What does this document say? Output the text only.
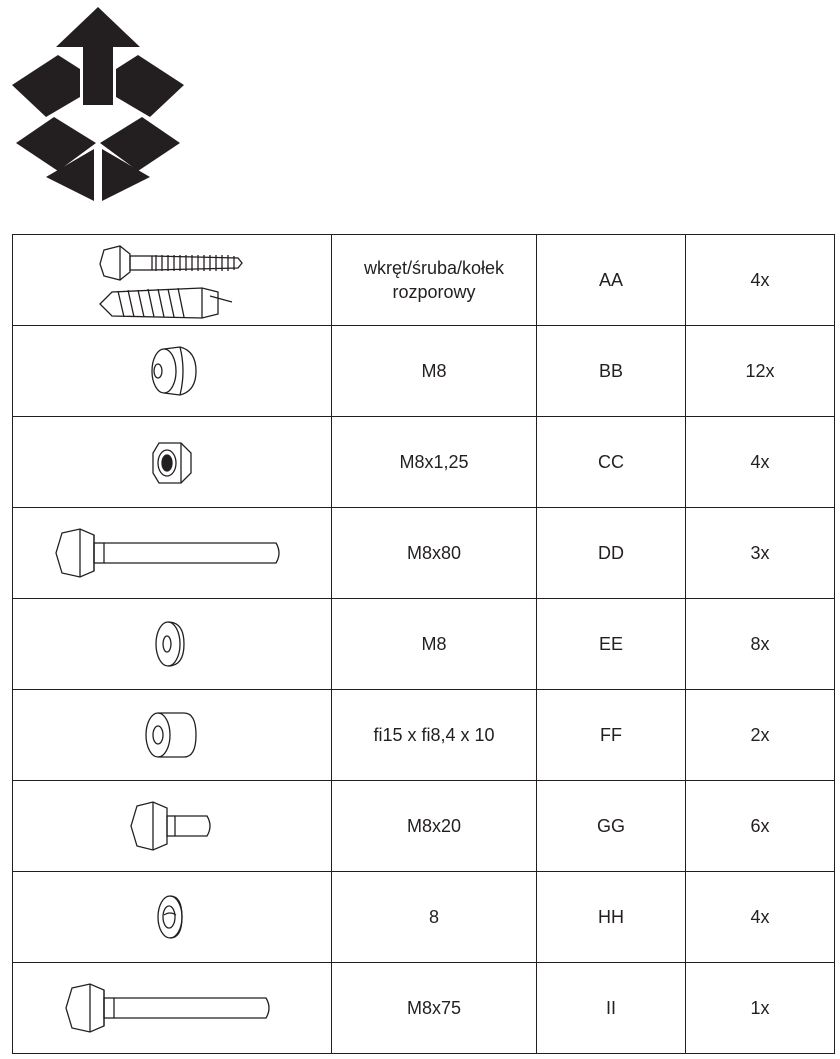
	wkręt/śruba/kołek
rozporowy	AA	4x

	M8	BB	12x

	M8x1,25	CC	4x

	M8x80	DD	3x

	M8	EE	8x

	fi15 x fi8,4 x 10	FF	2x

	M8x20	GG	6x

	8	HH	4x

	M8x75	II	1x
